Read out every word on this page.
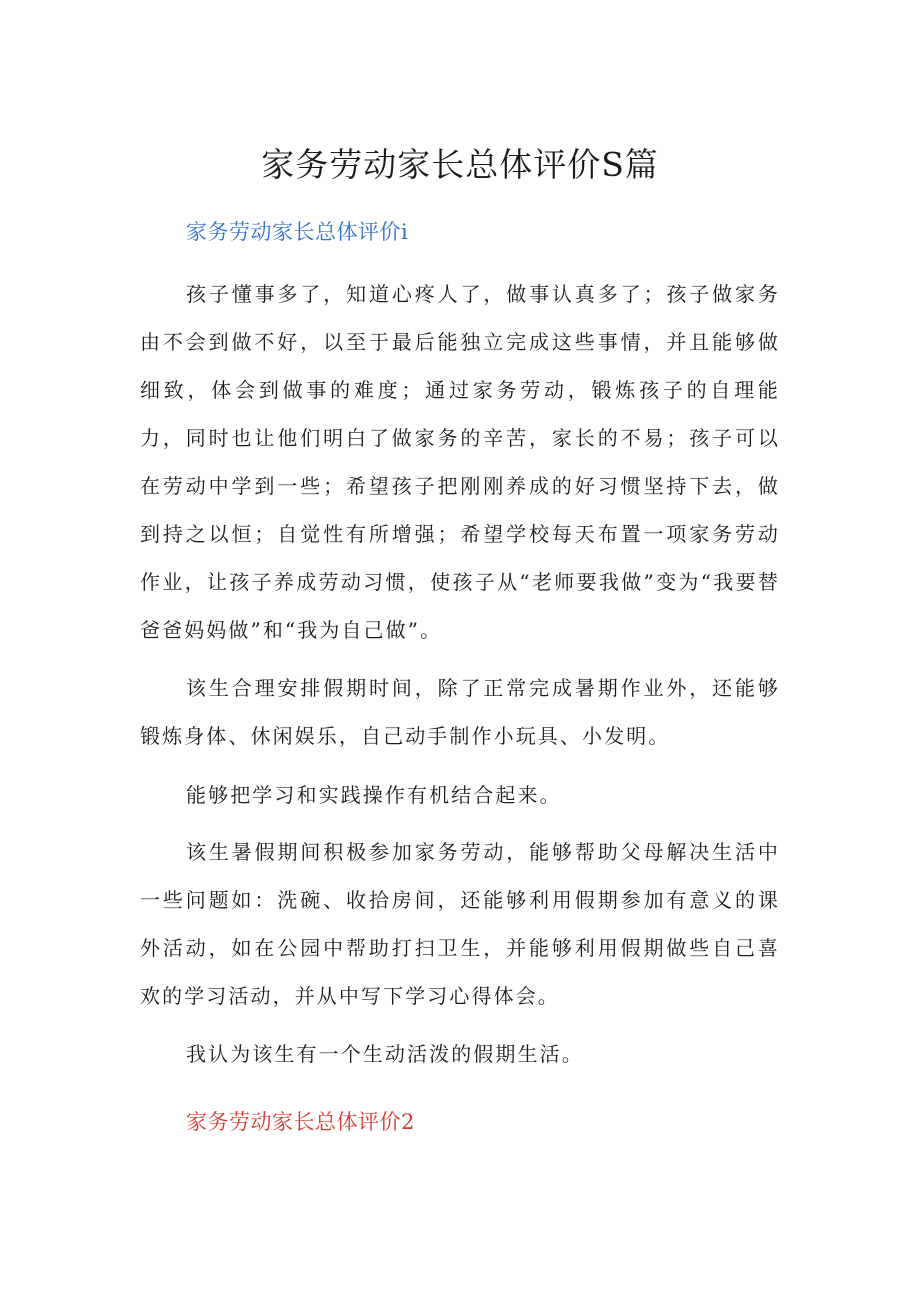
家务劳动家长总体评价S篇
家务劳动家长总体评价i

孩子懂事多了，知道心疼人了，做事认真多了；孩子做家务由不会到做不好，以至于最后能独立完成这些事情，并且能够做细致，体会到做事的难度；通过家务劳动，锻炼孩子的自理能力，同时也让他们明白了做家务的辛苦，家长的不易；孩子可以在劳动中学到一些；希望孩子把刚刚养成的好习惯坚持下去，做到持之以恒；自觉性有所增强；希望学校每天布置一项家务劳动作业，让孩子养成劳动习惯，使孩子从“老师要我做”变为“我要替爸爸妈妈做”和“我为自己做”。

该生合理安排假期时间，除了正常完成暑期作业外，还能够锻炼身体、休闲娱乐，自己动手制作小玩具、小发明。

能够把学习和实践操作有机结合起来。

该生暑假期间积极参加家务劳动，能够帮助父母解决生活中一些问题如：洗碗、收拾房间，还能够利用假期参加有意义的课外活动，如在公园中帮助打扫卫生，并能够利用假期做些自己喜欢的学习活动，并从中写下学习心得体会。

我认为该生有一个生动活泼的假期生活。

家务劳动家长总体评价2
